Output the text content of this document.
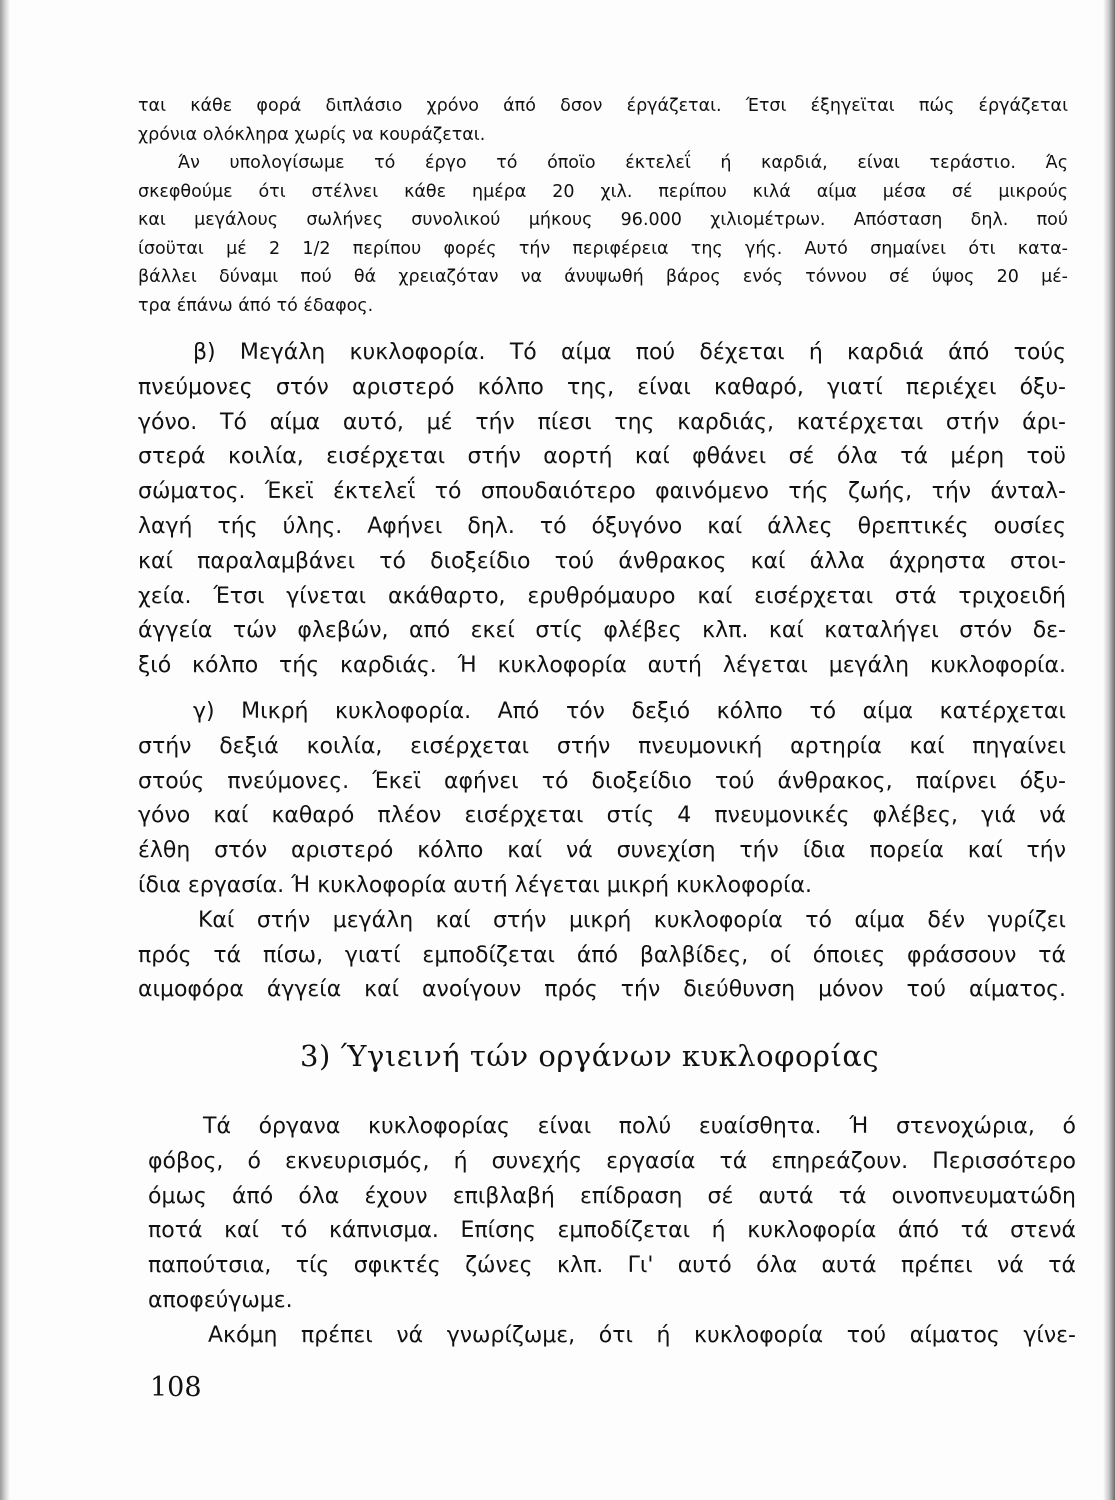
ται κάθε φορά διπλάσιο χρόνο άπό δσον έργάζεται. Έτσι έξηγεϊται πώς έργάζεται
χρόνια ολόκληρα χωρίς να κουράζεται.
Άν υπολογίσωμε τό έργο τό όποϊο έκτελεΐ ή καρδιά, είναι τεράστιο. Άς
σκεφθούμε ότι στέλνει κάθε ημέρα 20 χιλ. περίπου κιλά αίμα μέσα σέ μικρούς
και μεγάλους σωλήνες συνολικού μήκους 96.000 χιλιομέτρων. Απόσταση δηλ. πού
ίσοϋται μέ 2 1/2 περίπου φορές τήν περιφέρεια της γής. Αυτό σημαίνει ότι κατα-
βάλλει δύναμι πού θά χρειαζόταν να άνυψωθή βάρος ενός τόννου σέ ύψος 20 μέ-
τρα έπάνω άπό τό έδαφος.
β) Μεγάλη κυκλοφορία. Τό αίμα πού δέχεται ή καρδιά άπό τούς
πνεύμονες στόν αριστερό κόλπο της, είναι καθαρό, γιατί περιέχει όξυ-
γόνο. Τό αίμα αυτό, μέ τήν πίεσι της καρδιάς, κατέρχεται στήν άρι-
στερά κοιλία, εισέρχεται στήν αορτή καί φθάνει σέ όλα τά μέρη τοϋ
σώματος. Έκεϊ έκτελεΐ τό σπουδαιότερο φαινόμενο τής ζωής, τήν άνταλ-
λαγή τής ύλης. Αφήνει δηλ. τό όξυγόνο καί άλλες θρεπτικές ουσίες
καί παραλαμβάνει τό διοξείδιο τού άνθρακος καί άλλα άχρηστα στοι-
χεία. Έτσι γίνεται ακάθαρτο, ερυθρόμαυρο καί εισέρχεται στά τριχοειδή
άγγεία τών φλεβών, από εκεί στίς φλέβες κλπ. καί καταλήγει στόν δε-
ξιό κόλπο τής καρδιάς. Ή κυκλοφορία αυτή λέγεται μεγάλη κυκλοφορία.
γ) Μικρή κυκλοφορία. Από τόν δεξιό κόλπο τό αίμα κατέρχεται
στήν δεξιά κοιλία, εισέρχεται στήν πνευμονική αρτηρία καί πηγαίνει
στούς πνεύμονες. Έκεϊ αφήνει τό διοξείδιο τού άνθρακος, παίρνει όξυ-
γόνο καί καθαρό πλέον εισέρχεται στίς 4 πνευμονικές φλέβες, γιά νά
έλθη στόν αριστερό κόλπο καί νά συνεχίση τήν ίδια πορεία καί τήν
ίδια εργασία. Ή κυκλοφορία αυτή λέγεται μικρή κυκλοφορία.
Καί στήν μεγάλη καί στήν μικρή κυκλοφορία τό αίμα δέν γυρίζει
πρός τά πίσω, γιατί εμποδίζεται άπό βαλβίδες, οί όποιες φράσσουν τά
αιμοφόρα άγγεία καί ανοίγουν πρός τήν διεύθυνση μόνον τού αίματος.
3) Ύγιεινή τών οργάνων κυκλοφορίας
Τά όργανα κυκλοφορίας είναι πολύ ευαίσθητα. Ή στενοχώρια, ό
φόβος, ό εκνευρισμός, ή συνεχής εργασία τά επηρεάζουν. Περισσότερο
όμως άπό όλα έχουν επιβλαβή επίδραση σέ αυτά τά οινοπνευματώδη
ποτά καί τό κάπνισμα. Επίσης εμποδίζεται ή κυκλοφορία άπό τά στενά
παπούτσια, τίς σφικτές ζώνες κλπ. Γι' αυτό όλα αυτά πρέπει νά τά
αποφεύγωμε.
Ακόμη πρέπει νά γνωρίζωμε, ότι ή κυκλοφορία τού αίματος γίνε-
108
